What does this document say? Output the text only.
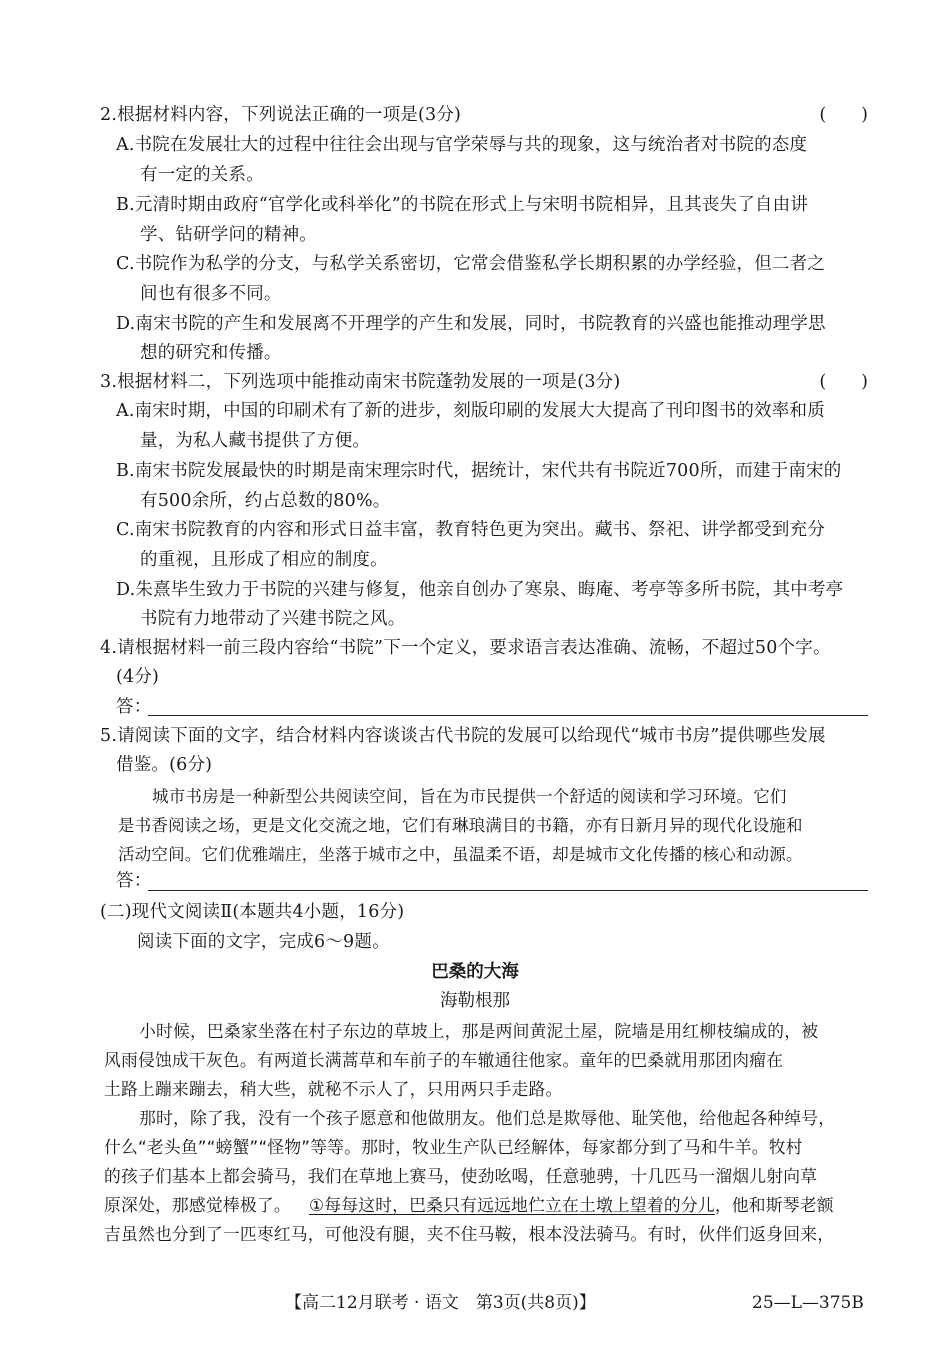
2.根据材料内容，下列说法正确的一项是(3分)	(　　)
A.书院在发展壮大的过程中往往会出现与官学荣辱与共的现象，这与统治者对书院的态度
有一定的关系。
B.元清时期由政府“官学化或科举化”的书院在形式上与宋明书院相异，且其丧失了自由讲
学、钻研学问的精神。
C.书院作为私学的分支，与私学关系密切，它常会借鉴私学长期积累的办学经验，但二者之
间也有很多不同。
D.南宋书院的产生和发展离不开理学的产生和发展，同时，书院教育的兴盛也能推动理学思
想的研究和传播。
3.根据材料二，下列选项中能推动南宋书院蓬勃发展的一项是(3分)	(　　)
A.南宋时期，中国的印刷术有了新的进步，刻版印刷的发展大大提高了刊印图书的效率和质
量，为私人藏书提供了方便。
B.南宋书院发展最快的时期是南宋理宗时代，据统计，宋代共有书院近700所，而建于南宋的
有500余所，约占总数的80%。
C.南宋书院教育的内容和形式日益丰富，教育特色更为突出。藏书、祭祀、讲学都受到充分
的重视，且形成了相应的制度。
D.朱熹毕生致力于书院的兴建与修复，他亲自创办了寒泉、晦庵、考亭等多所书院，其中考亭
书院有力地带动了兴建书院之风。
4.请根据材料一前三段内容给“书院”下一个定义，要求语言表达准确、流畅，不超过50个字。
(4分)
答：
5.请阅读下面的文字，结合材料内容谈谈古代书院的发展可以给现代“城市书房”提供哪些发展
借鉴。(6分)
城市书房是一种新型公共阅读空间，旨在为市民提供一个舒适的阅读和学习环境。它们
是书香阅读之场，更是文化交流之地，它们有琳琅满目的书籍，亦有日新月异的现代化设施和
活动空间。它们优雅端庄，坐落于城市之中，虽温柔不语，却是城市文化传播的核心和动源。
答：
(二)现代文阅读Ⅱ(本题共4小题，16分)
阅读下面的文字，完成6～9题。
巴桑的大海
海勒根那
小时候，巴桑家坐落在村子东边的草坡上，那是两间黄泥土屋，院墙是用红柳枝编成的，被
风雨侵蚀成干灰色。有两道长满蒿草和车前子的车辙通往他家。童年的巴桑就用那团肉瘤在
土路上蹦来蹦去，稍大些，就秘不示人了，只用两只手走路。
那时，除了我，没有一个孩子愿意和他做朋友。他们总是欺辱他、耻笑他，给他起各种绰号，
什么“老头鱼”“螃蟹”“怪物”等等。那时，牧业生产队已经解体，每家都分到了马和牛羊。牧村
的孩子们基本上都会骑马，我们在草地上赛马，使劲吆喝，任意驰骋，十几匹马一溜烟儿射向草
原深处，那感觉棒极了。 ①每每这时，巴桑只有远远地伫立在土墩上望着的分儿，他和斯琴老额
吉虽然也分到了一匹枣红马，可他没有腿，夹不住马鞍，根本没法骑马。有时，伙伴们返身回来，
【高二12月联考 · 语文　第3页(共8页)】	25—L—375B
